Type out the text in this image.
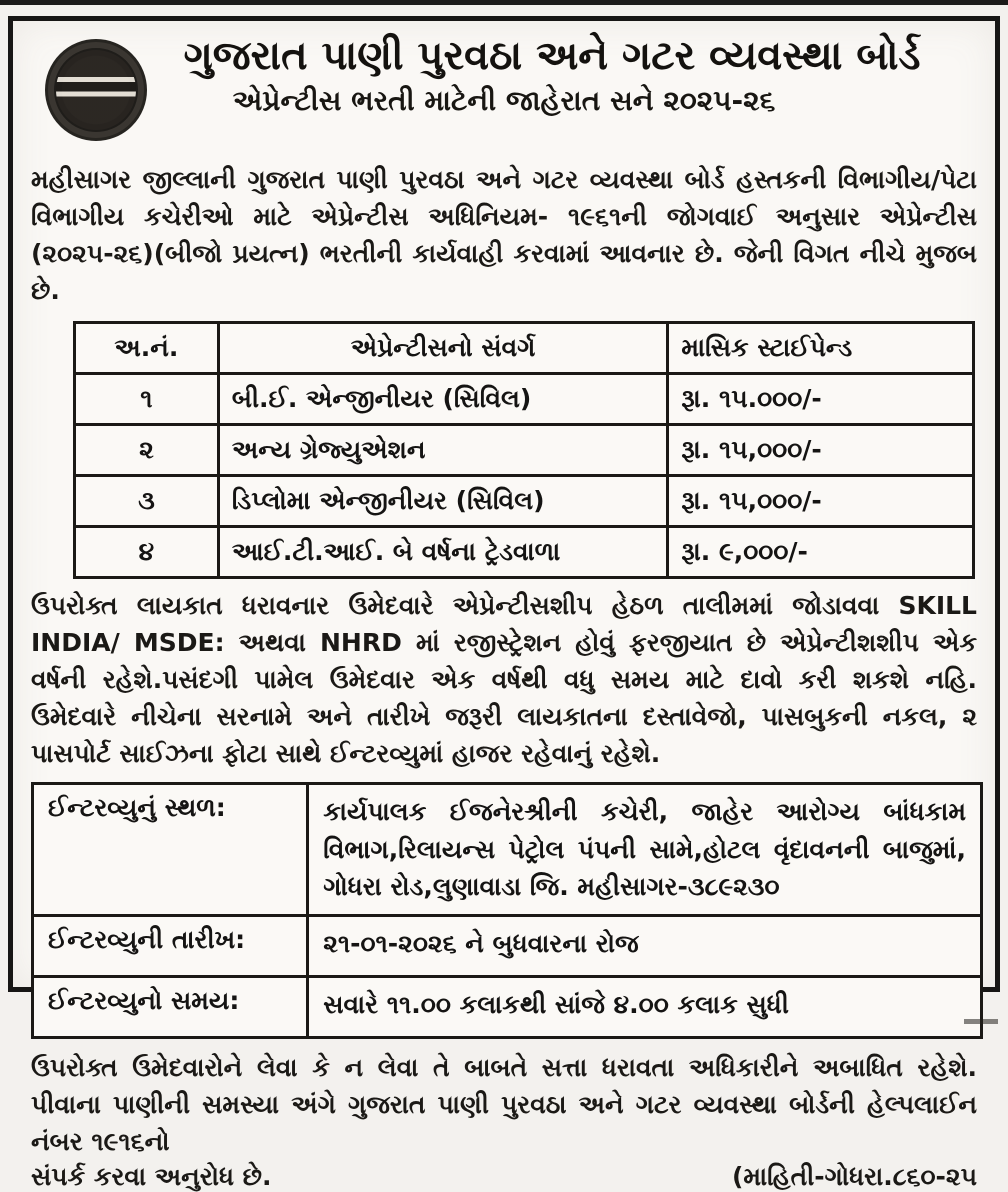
ગુજરાત પાણી પુરવઠા અને ગટર વ્યવસ્થા બોર્ડ
એપ્રેન્ટીસ ભરતી માટેની જાહેરાત સને ૨૦૨૫-૨૬
મહીસાગર જીલ્લાની ગુજરાત પાણી પુરવઠા અને ગટર વ્યવસ્થા બોર્ડ હસ્તકની વિભાગીય/પેટા વિભાગીય કચેરીઓ માટે એપ્રેન્ટીસ અધિનિયમ- ૧૯૬૧ની જોગવાઈ અનુસાર એપ્રેન્ટીસ (૨૦૨૫-૨૬)(બીજો પ્રયત્ન) ભરતીની કાર્યવાહી કરવામાં આવનાર છે. જેની વિગત નીચે મુજબ છે.
અ.નં.	એપ્રેન્ટીસનો સંવર્ગ	માસિક સ્ટાઈપેન્ડ
૧	બી.ઈ. એન્જીનીયર (સિવિલ)	રૂા. ૧૫.૦૦૦/-
૨	અન્ય ગ્રેજ્યુએશન	રૂા. ૧૫,૦૦૦/-
૩	ડિપ્લોમા એન્જીનીયર (સિવિલ)	રૂા. ૧૫,૦૦૦/-
૪	આઈ.ટી.આઈ. બે વર્ષના ટ્રેડવાળા	રૂા. ૯,૦૦૦/-
ઉપરોક્ત લાયકાત ધરાવનાર ઉમેદવારે એપ્રેન્ટીસશીપ હેઠળ તાલીમમાં જોડાવવા SKILL INDIA/ MSDE: અથવા NHRD માં રજીસ્ટ્રેશન હોવું ફરજીયાત છે એપ્રેન્ટીશશીપ એક વર્ષની રહેશે.પસંદગી પામેલ ઉમેદવાર એક વર્ષથી વધુ સમય માટે દાવો કરી શકશે નહિ. ઉમેદવારે નીચેના સરનામે અને તારીખે જરૂરી લાયકાતના દસ્તાવેજો, પાસબુકની નકલ, ૨ પાસપોર્ટ સાઈઝના ફોટા સાથે ઈન્ટરવ્યુમાં હાજર રહેવાનું રહેશે.
ઈન્ટરવ્યુનું સ્થળ:	કાર્યપાલક ઈજનેરશ્રીની કચેરી, જાહેર આરોગ્ય બાંધકામ વિભાગ,રિલાયન્સ પેટ્રોલ પંપની સામે,હોટલ વૃંદાવનની બાજુમાં, ગોધરા રોડ,લુણાવાડા જિ. મહીસાગર-૩૮૯૨૩૦
ઈન્ટરવ્યુની તારીખ:	૨૧-૦૧-૨૦૨૬ ને બુધવારના રોજ
ઈન્ટરવ્યુનો સમય:	સવારે ૧૧.૦૦ કલાકથી સાંજે ૪.૦૦ કલાક સુધી
ઉપરોક્ત ઉમેદવારોને લેવા કે ન લેવા તે બાબતે સત્તા ધરાવતા અધિકારીને અબાધિત રહેશે. પીવાના પાણીની સમસ્યા અંગે ગુજરાત પાણી પુરવઠા અને ગટર વ્યવસ્થા બોર્ડની હેલ્પલાઈન નંબર ૧૯૧૬નો
સંપર્ક કરવા અનુરોધ છે.	(માહિતી-ગોધરા.૮૬૦-૨૫
